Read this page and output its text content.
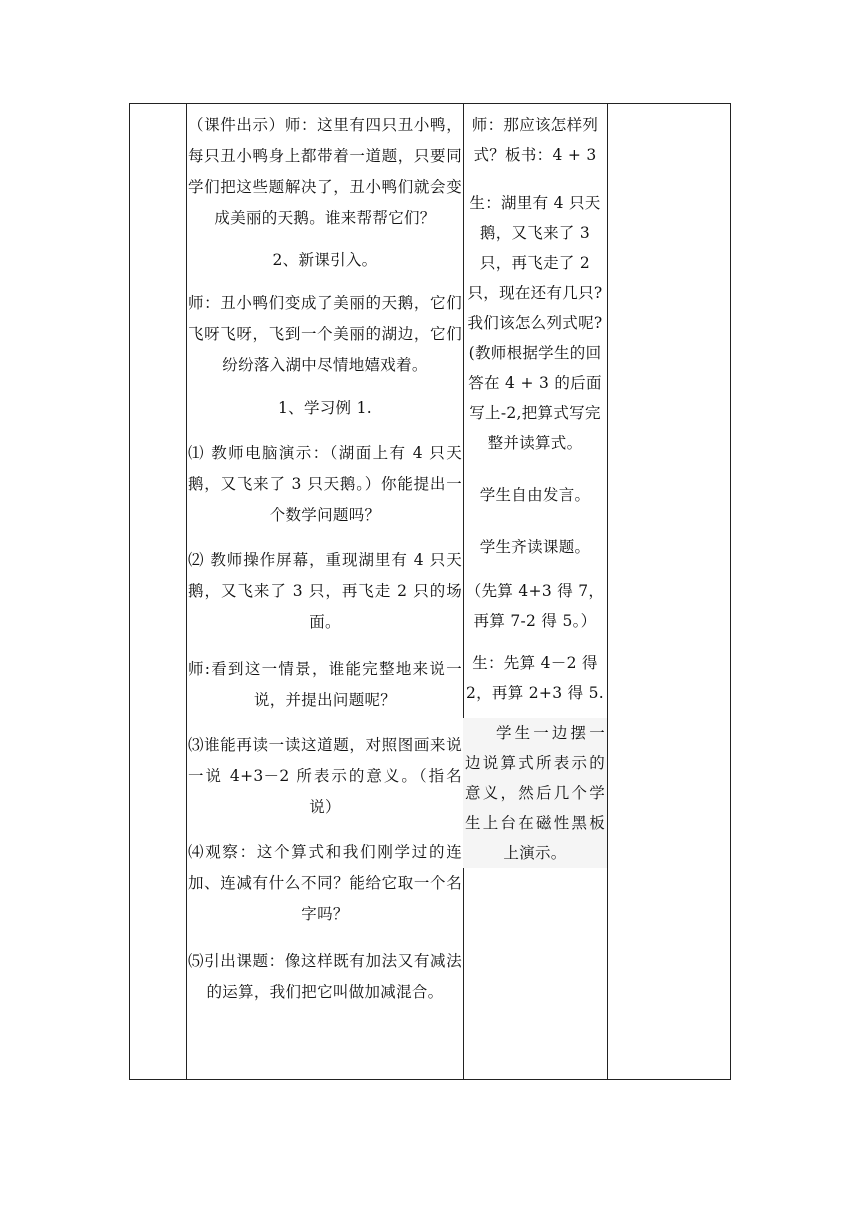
（课件出示）师：这里有四只丑小鸭，每只丑小鸭身上都带着一道题，只要同学们把这些题解决了，丑小鸭们就会变成美丽的天鹅。谁来帮帮它们？

2、新课引入。

师：丑小鸭们变成了美丽的天鹅，它们飞呀飞呀，飞到一个美丽的湖边，它们纷纷落入湖中尽情地嬉戏着。

1、学习例 1.

⑴ 教师电脑演示：（湖面上有 4 只天鹅，又飞来了 3 只天鹅。）你能提出一个数学问题吗？

⑵ 教师操作屏幕，重现湖里有 4 只天鹅，又飞来了 3 只，再飞走 2 只的场面。

师:看到这一情景，谁能完整地来说一说，并提出问题呢？

⑶谁能再读一读这道题，对照图画来说一说 4+3－2 所表示的意义。（指名说）

⑷观察：这个算式和我们刚学过的连加、连减有什么不同？能给它取一个名字吗？

⑸引出课题：像这样既有加法又有减法的运算，我们把它叫做加减混合。

师：那应该怎样列式？板书：4 + 3

生：湖里有 4 只天鹅，又飞来了 3 只，再飞走了 2 只，现在还有几只?我们该怎么列式呢?(教师根据学生的回答在 4 + 3 的后面写上-2,把算式写完整并读算式。

学生自由发言。

学生齐读课题。

（先算 4+3 得 7，再算 7-2 得 5。）

生：先算 4－2 得 2，再算 2+3 得 5.

学生一边摆一边说算式所表示的意义，然后几个学生上台在磁性黑板上演示。
